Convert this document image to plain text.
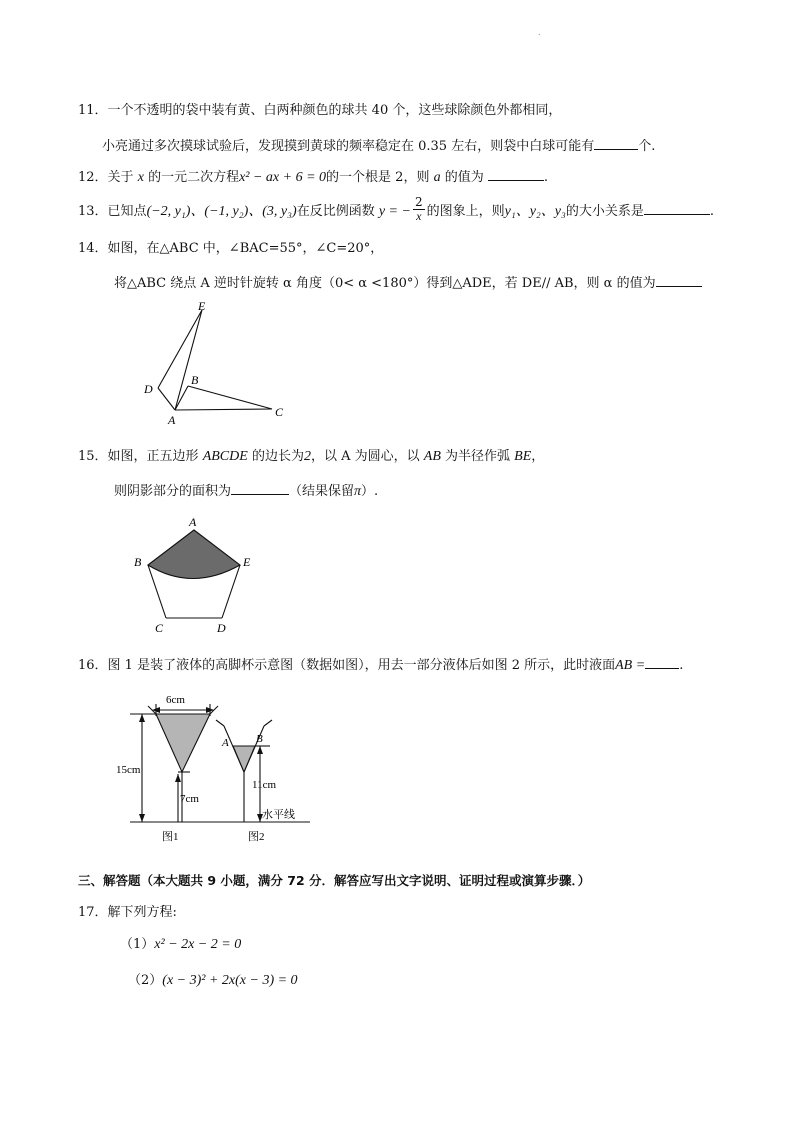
.
11．一个不透明的袋中装有黄、白两种颜色的球共 40 个，这些球除颜色外都相同，
小亮通过多次摸球试验后，发现摸到黄球的频率稳定在 0.35 左右，则袋中白球可能有	个.
12．关于 x 的一元二次方程x² − ax + 6 = 0的一个根是 2，则 a 的值为	.
13．已知点(−2, y₁)、(−1, y₂)、(3, y₃)在反比例函数 y = − $\frac{2}{x}$ 的图象上，则y₁、y₂、y₃的大小关系是	.
14．如图，在△ABC 中，∠BAC=55°，∠C=20°，
将△ABC 绕点 A 逆时针旋转 α 角度（0< α <180°）得到△ADE，若 DE// AB，则 α 的值为
E
D
B
A
C
15．如图，正五边形 ABCDE 的边长为2，以 A 为圆心，以 AB 为半径作弧 BE，
则阴影部分的面积为	（结果保留π）.
A
B	E
C	D
16．图 1 是装了液体的高脚杯示意图（数据如图），用去一部分液体后如图 2 所示，此时液面AB =	.
6cm
15cm
7cm
11cm
水平线
A B
图1	图2
三、解答题（本大题共 9 小题，满分 72 分．解答应写出文字说明、证明过程或演算步骤．）
17．解下列方程:
（1）x² − 2x − 2 = 0
（2）(x − 3)² + 2x(x − 3) = 0
